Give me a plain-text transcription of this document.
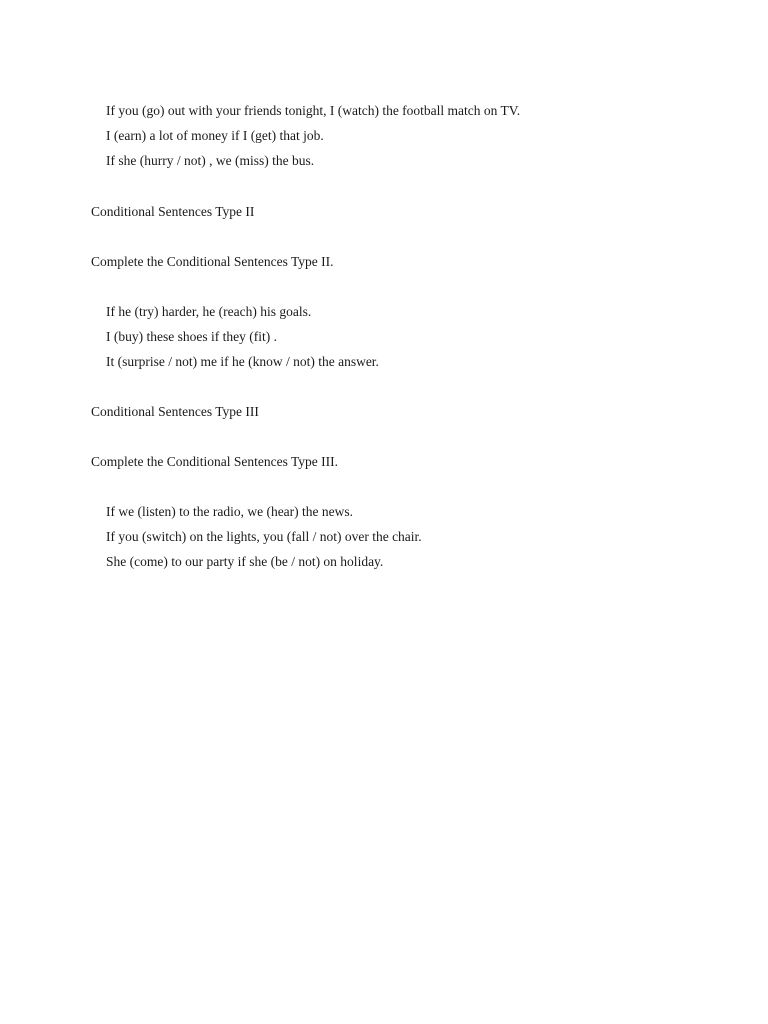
If you (go) out with your friends tonight, I (watch) the football match on TV.
I (earn) a lot of money if I (get) that job.
If she (hurry / not) , we (miss) the bus.
Conditional Sentences Type II
Complete the Conditional Sentences Type II.
If he (try) harder, he (reach) his goals.
I (buy) these shoes if they (fit) .
It (surprise / not) me if he (know / not) the answer.
Conditional Sentences Type III
Complete the Conditional Sentences Type III.
If we (listen) to the radio, we (hear) the news.
If you (switch) on the lights, you (fall / not) over the chair.
She (come) to our party if she (be / not) on holiday.
